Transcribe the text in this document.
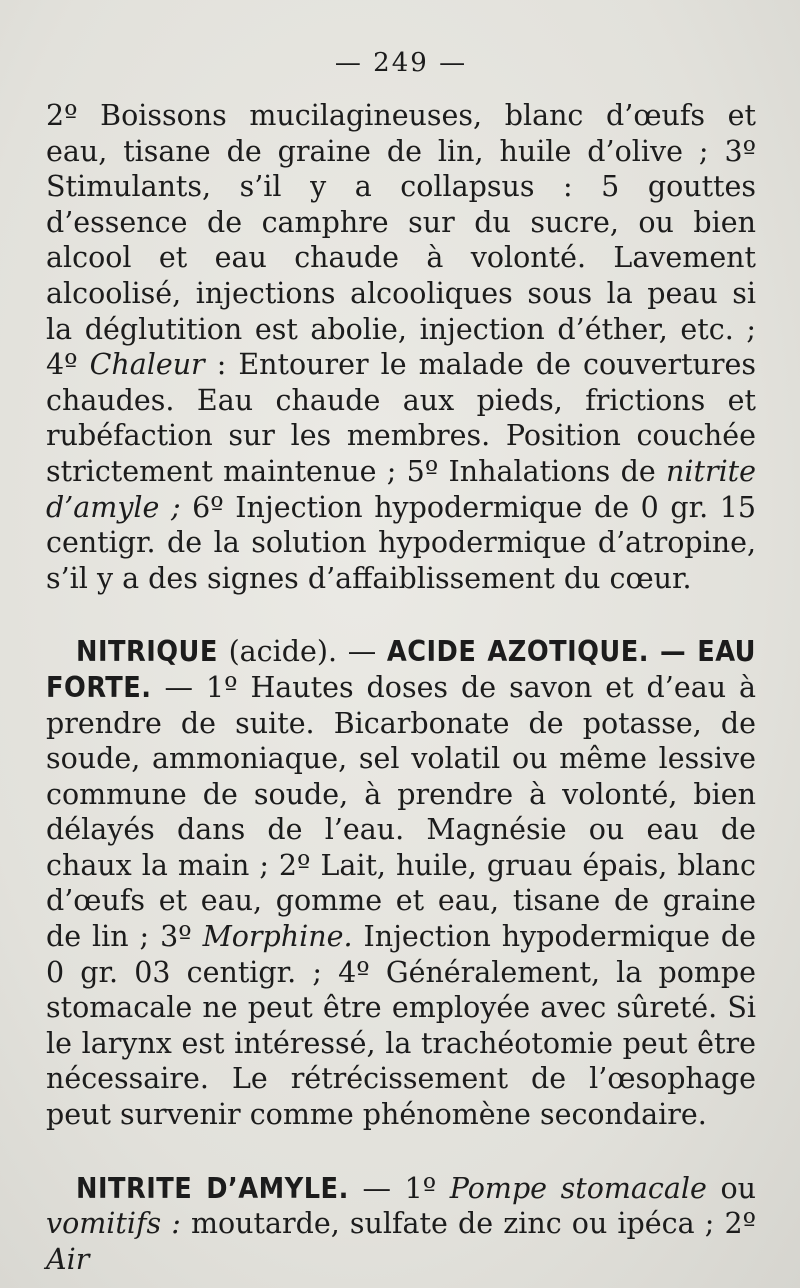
— 249 —

2º Boissons mucilagineuses, blanc d’œufs et eau, tisane de graine de lin, huile d’olive ; 3º Stimulants, s’il y a collapsus : 5 gouttes d’essence de camphre sur du sucre, ou bien alcool et eau chaude à volonté. Lavement alcoolisé, injections alcooliques sous la peau si la déglutition est abolie, injection d’éther, etc. ; 4º Chaleur : Entourer le malade de couvertures chaudes. Eau chaude aux pieds, frictions et rubéfaction sur les membres. Position couchée strictement maintenue ; 5º Inhalations de nitrite d’amyle ; 6º Injection hypodermique de 0 gr. 15 centigr. de la solution hypodermique d’atropine, s’il y a des signes d’affaiblissement du cœur.

NITRIQUE (acide). — ACIDE AZOTIQUE. — EAU FORTE. — 1º Hautes doses de savon et d’eau à prendre de suite. Bicarbonate de potasse, de soude, ammoniaque, sel volatil ou même lessive commune de soude, à prendre à volonté, bien délayés dans de l’eau. Magnésie ou eau de chaux la main ; 2º Lait, huile, gruau épais, blanc d’œufs et eau, gomme et eau, tisane de graine de lin ; 3º Morphine. Injection hypodermique de 0 gr. 03 centigr. ; 4º Généralement, la pompe stomacale ne peut être employée avec sûreté. Si le larynx est intéressé, la trachéotomie peut être nécessaire. Le rétrécissement de l’œsophage peut survenir comme phénomène secondaire.

NITRITE D’AMYLE. — 1º Pompe stomacale ou vomitifs : moutarde, sulfate de zinc ou ipéca ; 2º Air
